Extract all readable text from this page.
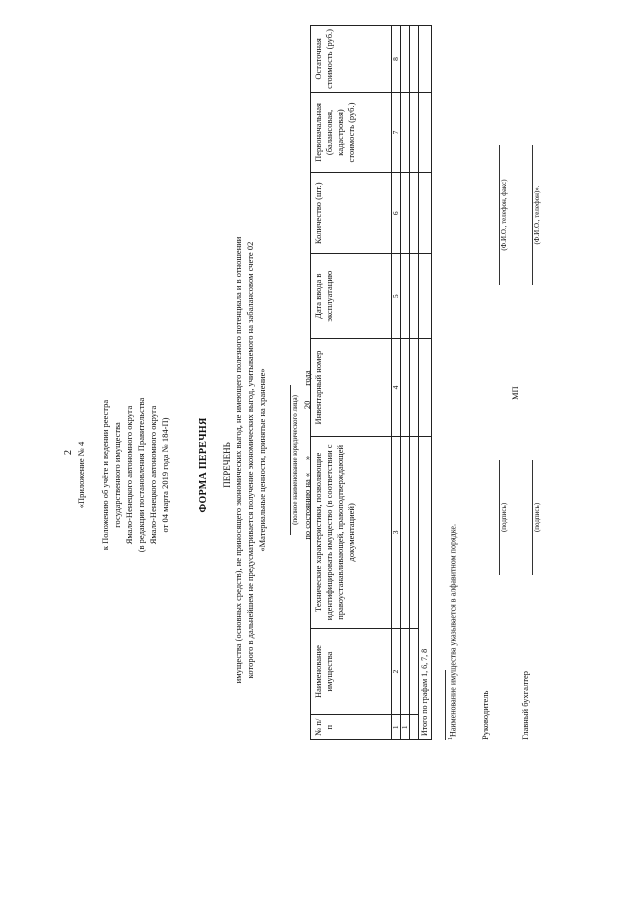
2 «Приложение № 4 к Положению об учёте и ведении реестра государственного имущества Ямало-Ненецкого автономного округа (в редакции постановления Правительства Ямало-Ненецкого автономного округа от 04 марта 2019 года № 184-П)	ФОРМА ПЕРЕЧНЯ ПЕРЕЧЕНЬ имущества (основных средств), не приносящего экономических выгод, не имеющего полезного потенциала и в отношении которого в дальнейшем не предусматривается получение экономических выгод, учитываемого на забалансовом счете 02 «Материальные ценности, принятые на хранение»	(полное наименование юридического лица) по состоянию на «___» __________ 20___ года
№ п/п	Наименование имущества	Технические характеристики, позволяющие идентифицировать имущество (в соответствии с правоустанавливающей, правоподтверждающей документацией)	Инвентарный номер	Дата ввода в эксплуатацию	Количество (шт.)	Первоначальная (балансовая, кадастровая) стоимость (руб.)	Остаточная стоимость (руб.)
1	2	3	4	5	6	7	8
1							

Итого по графам 1, 6, 7, 8							
$^1$Наименование имущества указывается в алфавитном порядке.	Руководитель
(подпись)
(Ф.И.О., телефон, факс)
МП
Главный бухгалтер
(подпись)
(Ф.И.О., телефон)».
